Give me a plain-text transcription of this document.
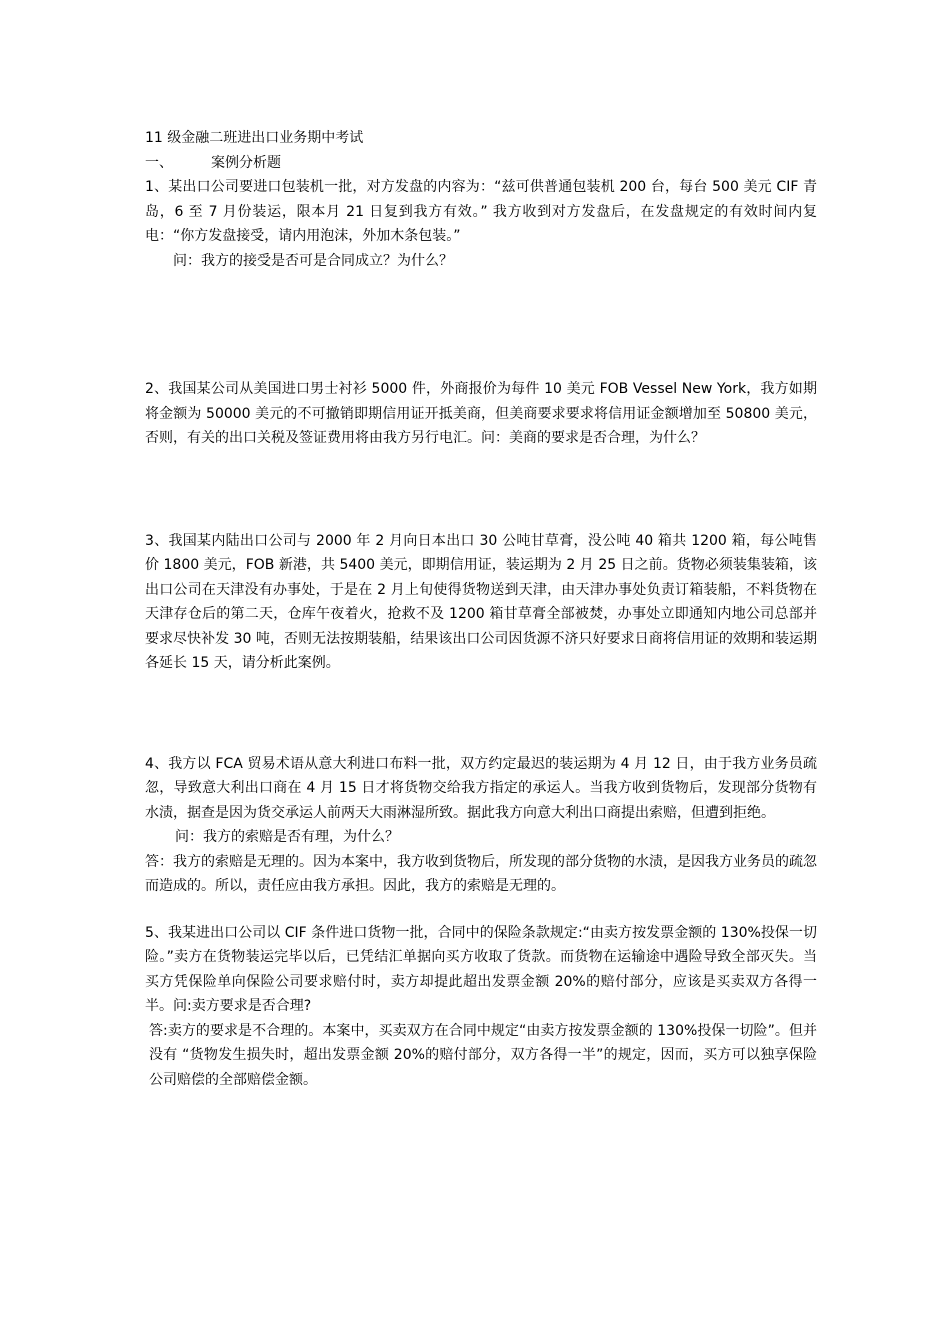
11 级金融二班进出口业务期中考试
一、	案例分析题
1、某出口公司要进口包装机一批，对方发盘的内容为：“兹可供普通包装机 200 台，每台 500 美元 CIF 青岛，6 至 7 月份装运，限本月 21 日复到我方有效。” 我方收到对方发盘后，在发盘规定的有效时间内复电：“你方发盘接受，请内用泡沫，外加木条包装。”
问：我方的接受是否可是合同成立？为什么？
2、我国某公司从美国进口男士衬衫 5000 件，外商报价为每件 10 美元 FOB Vessel New York，我方如期将金额为 50000 美元的不可撤销即期信用证开抵美商，但美商要求要求将信用证金额增加至 50800 美元，否则，有关的出口关税及签证费用将由我方另行电汇。问：美商的要求是否合理，为什么？
3、我国某内陆出口公司与 2000 年 2 月向日本出口 30 公吨甘草膏，没公吨 40 箱共 1200 箱，每公吨售价 1800 美元，FOB 新港，共 5400 美元，即期信用证，装运期为 2 月 25 日之前。货物必须装集装箱，该出口公司在天津没有办事处，于是在 2 月上旬使得货物送到天津，由天津办事处负责订箱装船，不料货物在天津存仓后的第二天，仓库午夜着火，抢救不及 1200 箱甘草膏全部被焚，办事处立即通知内地公司总部并要求尽快补发 30 吨，否则无法按期装船，结果该出口公司因货源不济只好要求日商将信用证的效期和装运期各延长 15 天，请分析此案例。
4、我方以 FCA 贸易术语从意大利进口布料一批，双方约定最迟的装运期为 4 月 12 日，由于我方业务员疏忽，导致意大利出口商在 4 月 15 日才将货物交给我方指定的承运人。当我方收到货物后，发现部分货物有水渍，据查是因为货交承运人前两天大雨淋湿所致。据此我方向意大利出口商提出索赔，但遭到拒绝。
问：我方的索赔是否有理，为什么？
答：我方的索赔是无理的。因为本案中，我方收到货物后，所发现的部分货物的水渍，是因我方业务员的疏忽而造成的。所以，责任应由我方承担。因此，我方的索赔是无理的。
5、我某进出口公司以 CIF 条件进口货物一批，合同中的保险条款规定:“由卖方按发票金额的 130%投保一切险。”卖方在货物装运完毕以后，已凭结汇单据向买方收取了货款。而货物在运输途中遇险导致全部灭失。当买方凭保险单向保险公司要求赔付时，卖方却提此超出发票金额 20%的赔付部分，应该是买卖双方各得一半。问:卖方要求是否合理?
答:卖方的要求是不合理的。本案中，买卖双方在合同中规定“由卖方按发票金额的 130%投保一切险”。但并没有 “货物发生损失时，超出发票金额 20%的赔付部分，双方各得一半”的规定，因而，买方可以独享保险公司赔偿的全部赔偿金额。
